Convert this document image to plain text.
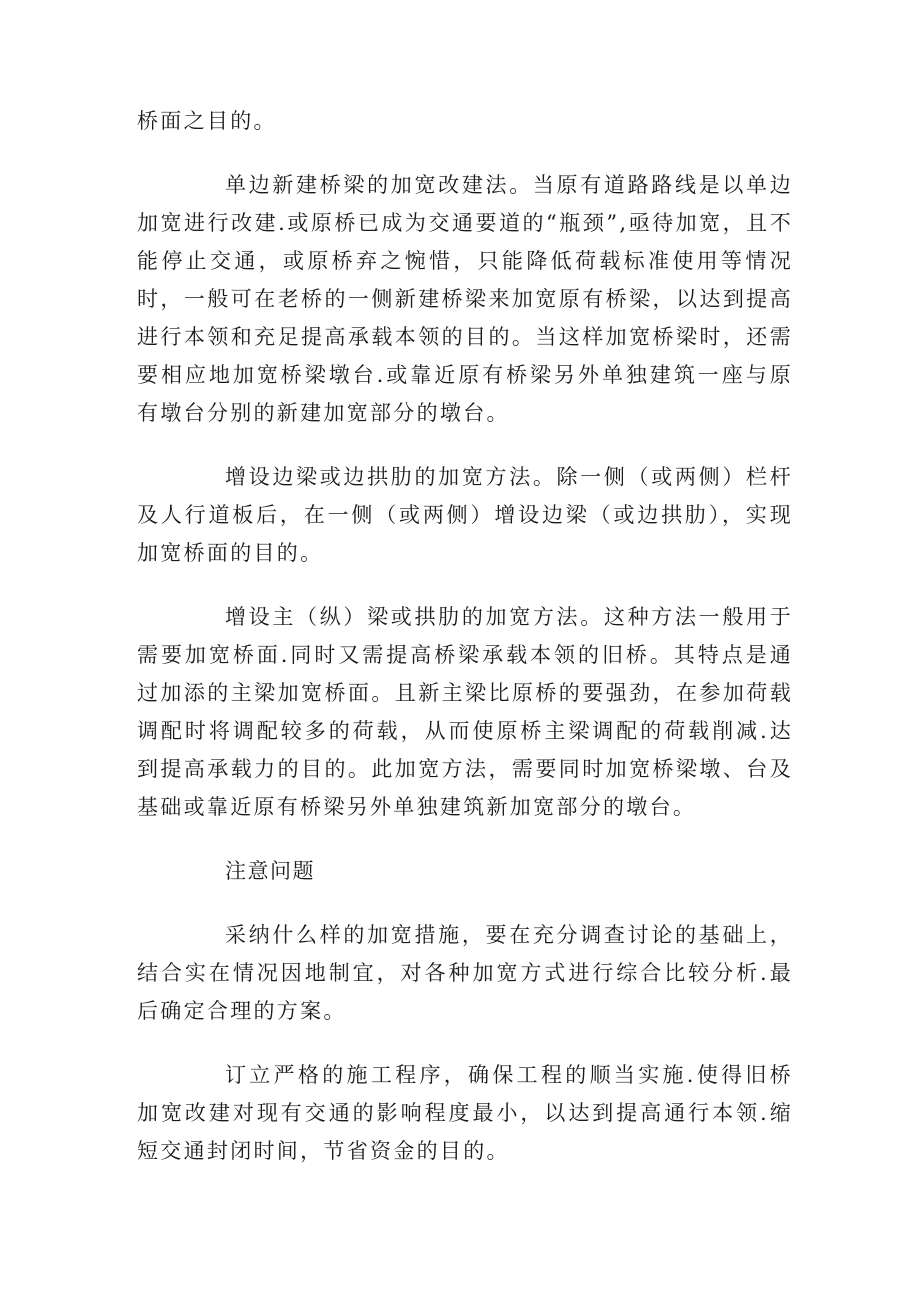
桥面之目的。

单边新建桥梁的加宽改建法。当原有道路路线是以单边加宽进行改建.或原桥已成为交通要道的“瓶颈”,亟待加宽，且不能停止交通，或原桥弃之惋惜，只能降低荷载标准使用等情况时，一般可在老桥的一侧新建桥梁来加宽原有桥梁，以达到提高进行本领和充足提高承载本领的目的。当这样加宽桥梁时，还需要相应地加宽桥梁墩台.或靠近原有桥梁另外单独建筑一座与原有墩台分别的新建加宽部分的墩台。

增设边梁或边拱肋的加宽方法。除一侧（或两侧）栏杆及人行道板后，在一侧（或两侧）增设边梁（或边拱肋），实现加宽桥面的目的。

增设主（纵）梁或拱肋的加宽方法。这种方法一般用于需要加宽桥面.同时又需提高桥梁承载本领的旧桥。其特点是通过加添的主梁加宽桥面。且新主梁比原桥的要强劲，在参加荷载调配时将调配较多的荷载，从而使原桥主梁调配的荷载削减.达到提高承载力的目的。此加宽方法，需要同时加宽桥梁墩、台及基础或靠近原有桥梁另外单独建筑新加宽部分的墩台。

注意问题

采纳什么样的加宽措施，要在充分调查讨论的基础上，结合实在情况因地制宜，对各种加宽方式进行综合比较分析.最后确定合理的方案。

订立严格的施工程序，确保工程的顺当实施.使得旧桥加宽改建对现有交通的影响程度最小，以达到提高通行本领.缩短交通封闭时间，节省资金的目的。
